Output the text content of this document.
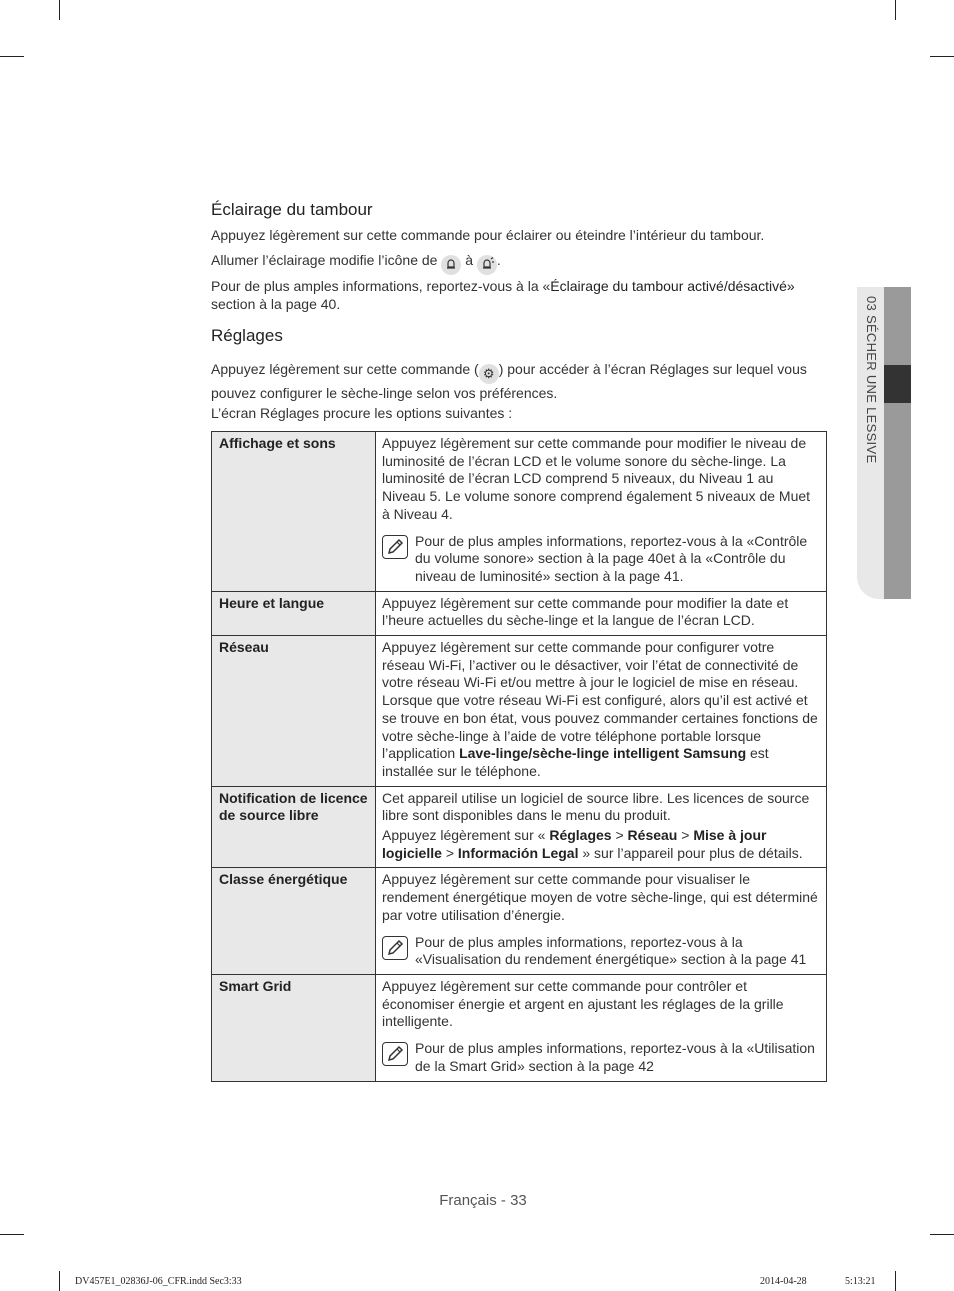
03 SÉCHER UNE LESSIVE
Éclairage du tambour

Appuyez légèrement sur cette commande pour éclairer ou éteindre l’intérieur du tambour.

Allumer l’éclairage modifie l’icône de à .

Pour de plus amples informations, reportez-vous à la «Éclairage du tambour activé/désactivé» section à la page 40.

Réglages

Appuyez légèrement sur cette commande ( ⚙ ) pour accéder à l’écran Réglages sur lequel vous pouvez configurer le sèche-linge selon vos préférences.

L’écran Réglages procure les options suivantes :

Affichage et sons	Appuyez légèrement sur cette commande pour modifier le niveau de luminosité de l’écran LCD et le volume sonore du sèche-linge. La luminosité de l’écran LCD comprend 5 niveaux, du Niveau 1 au Niveau 5. Le volume sonore comprend également 5 niveaux de Muet à Niveau 4.
Pour de plus amples informations, reportez-vous à la «Contrôle du volume sonore» section à la page 40et à la «Contrôle du niveau de luminosité» section à la page 41.

Heure et langue	Appuyez légèrement sur cette commande pour modifier la date et l’heure actuelles du sèche-linge et la langue de l’écran LCD.
Réseau	Appuyez légèrement sur cette commande pour configurer votre réseau Wi-Fi, l’activer ou le désactiver, voir l’état de connectivité de votre réseau Wi-Fi et/ou mettre à jour le logiciel de mise en réseau. Lorsque que votre réseau Wi-Fi est configuré, alors qu’il est activé et se trouve en bon état, vous pouvez commander certaines fonctions de votre sèche-linge à l’aide de votre téléphone portable lorsque l’application Lave-linge/sèche-linge intelligent Samsung est installée sur le téléphone.
Notification de licence de source libre	Cet appareil utilise un logiciel de source libre. Les licences de source libre sont disponibles dans le menu du produit.
Appuyez légèrement sur « Réglages > Réseau > Mise à jour logicielle > Información Legal » sur l’appareil pour plus de détails.

Classe énergétique	Appuyez légèrement sur cette commande pour visualiser le rendement énergétique moyen de votre sèche-linge, qui est déterminé par votre utilisation d’énergie.
Pour de plus amples informations, reportez-vous à la «Visualisation du rendement énergétique» section à la page 41

Smart Grid	Appuyez légèrement sur cette commande pour contrôler et économiser énergie et argent en ajustant les réglages de la grille intelligente.
Pour de plus amples informations, reportez-vous à la «Utilisation de la Smart Grid» section à la page 42
Français - 33
DV457E1_02836J-06_CFR.indd Sec3:33	2014-04-28	5:13:21
